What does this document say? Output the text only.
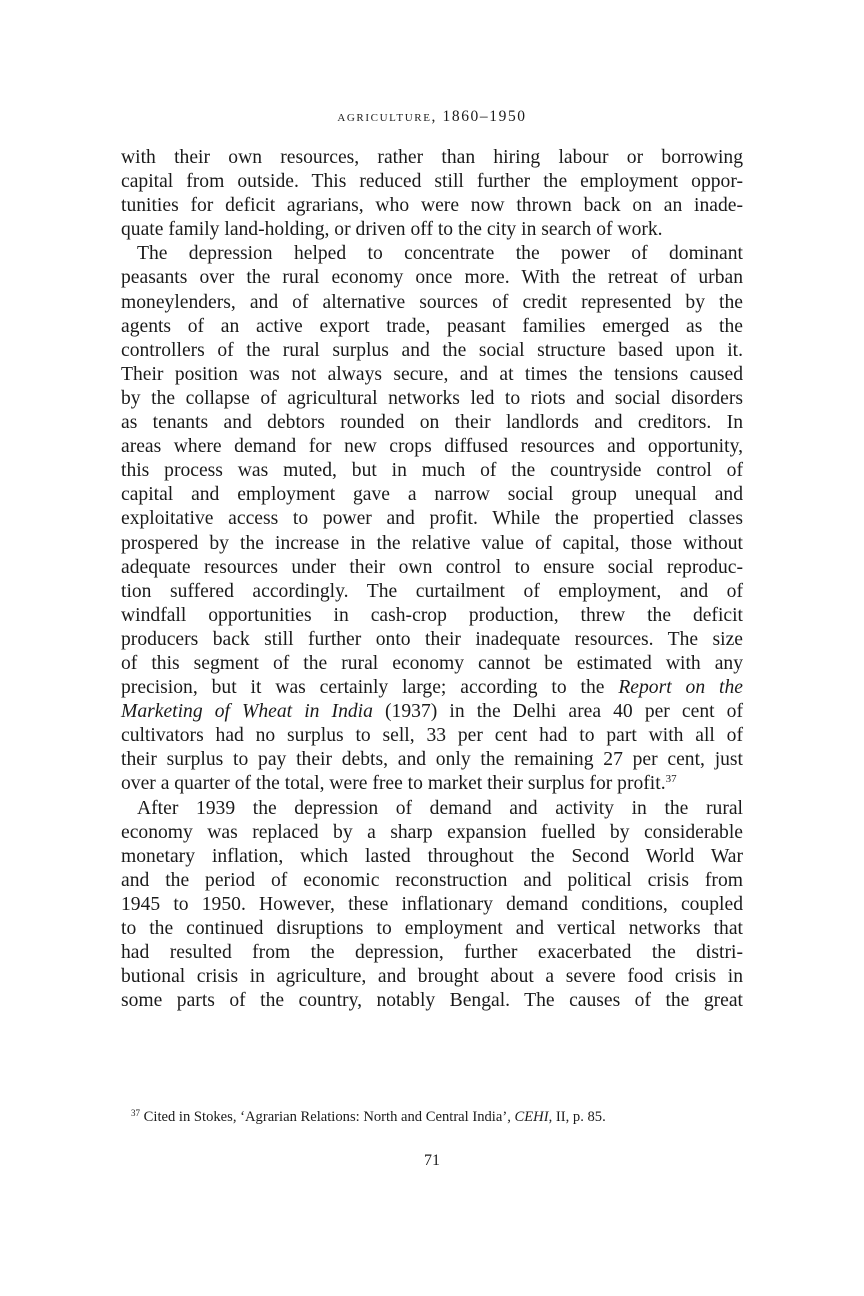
agriculture, 1860–1950
with their own resources, rather than hiring labour or borrowing
capital from outside. This reduced still further the employment oppor-
tunities for deficit agrarians, who were now thrown back on an inade-
quate family land-holding, or driven off to the city in search of work.
The depression helped to concentrate the power of dominant
peasants over the rural economy once more. With the retreat of urban
moneylenders, and of alternative sources of credit represented by the
agents of an active export trade, peasant families emerged as the
controllers of the rural surplus and the social structure based upon it.
Their position was not always secure, and at times the tensions caused
by the collapse of agricultural networks led to riots and social disorders
as tenants and debtors rounded on their landlords and creditors. In
areas where demand for new crops diffused resources and opportunity,
this process was muted, but in much of the countryside control of
capital and employment gave a narrow social group unequal and
exploitative access to power and profit. While the propertied classes
prospered by the increase in the relative value of capital, those without
adequate resources under their own control to ensure social reproduc-
tion suffered accordingly. The curtailment of employment, and of
windfall opportunities in cash-crop production, threw the deficit
producers back still further onto their inadequate resources. The size
of this segment of the rural economy cannot be estimated with any
precision, but it was certainly large; according to the Report on the
Marketing of Wheat in India (1937) in the Delhi area 40 per cent of
cultivators had no surplus to sell, 33 per cent had to part with all of
their surplus to pay their debts, and only the remaining 27 per cent, just
over a quarter of the total, were free to market their surplus for profit.$^{37}$
After 1939 the depression of demand and activity in the rural
economy was replaced by a sharp expansion fuelled by considerable
monetary inflation, which lasted throughout the Second World War
and the period of economic reconstruction and political crisis from
1945 to 1950. However, these inflationary demand conditions, coupled
to the continued disruptions to employment and vertical networks that
had resulted from the depression, further exacerbated the distri-
butional crisis in agriculture, and brought about a severe food crisis in
some parts of the country, notably Bengal. The causes of the great
$^{37}$ Cited in Stokes, ‘Agrarian Relations: North and Central India’, CEHI, II, p. 85.
71
